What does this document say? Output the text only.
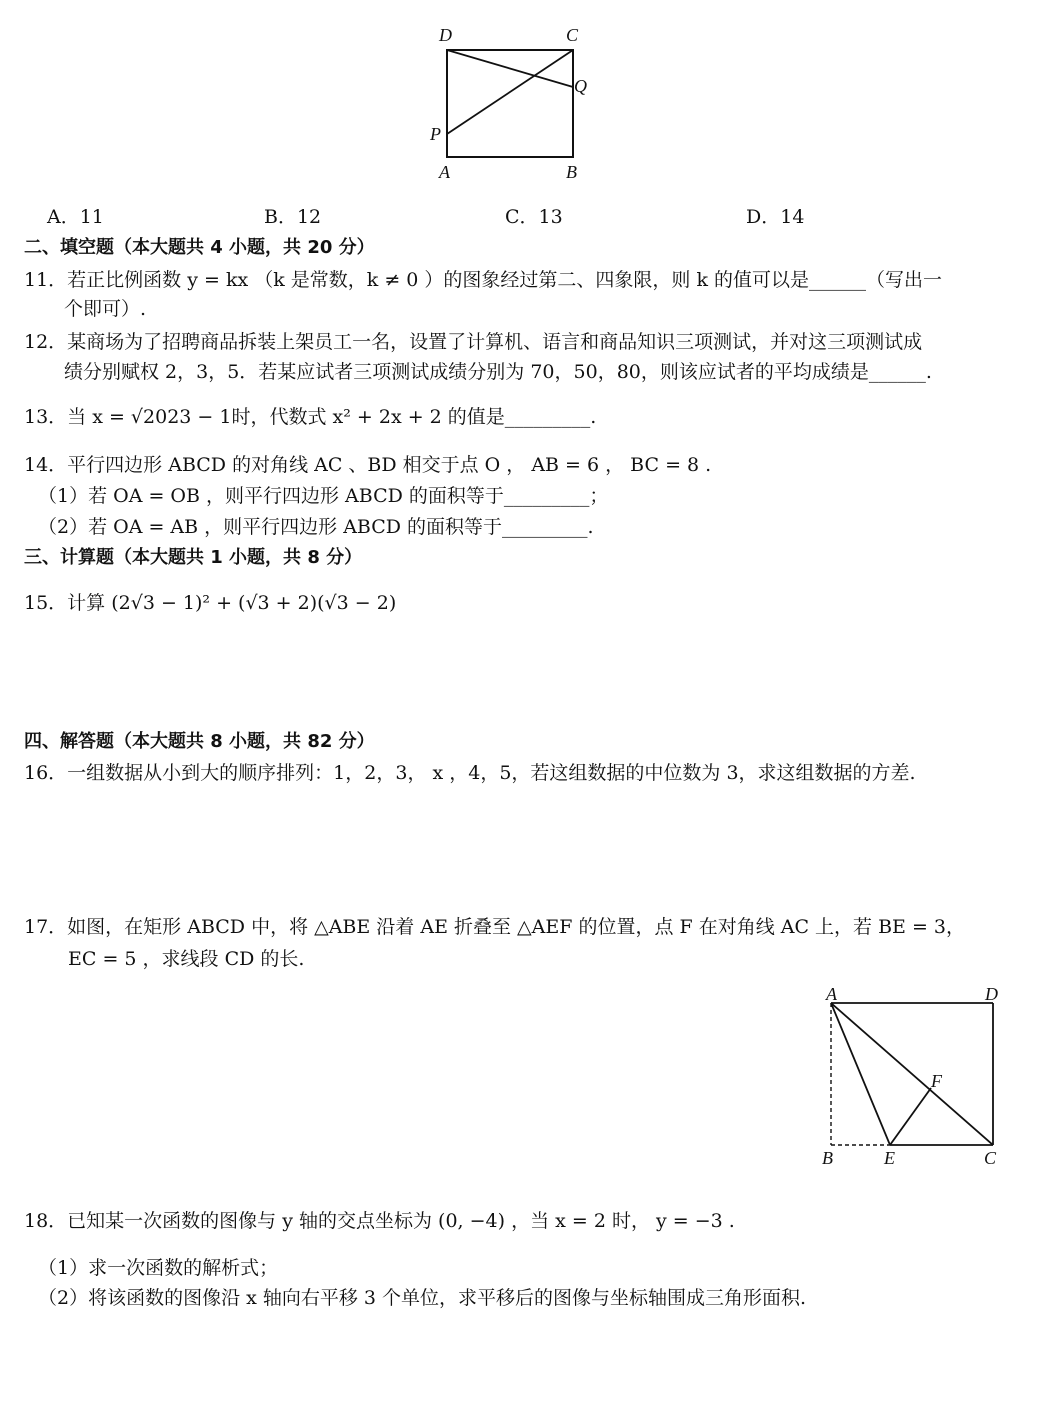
D	C
Q
P
A	B
A．11	B．12	C．13	D．14
二、填空题（本大题共 4 小题，共 20 分）
11．若正比例函数 y = kx （k 是常数，k ≠ 0 ）的图象经过第二、四象限，则 k 的值可以是______（写出一
个即可）.
12．某商场为了招聘商品拆装上架员工一名，设置了计算机、语言和商品知识三项测试，并对这三项测试成
绩分别赋权 2，3，5．若某应试者三项测试成绩分别为 70，50，80，则该应试者的平均成绩是______.
13．当 x = √2023 − 1时，代数式 x² + 2x + 2 的值是_________.
14．平行四边形 ABCD 的对角线 AC 、BD 相交于点 O ， AB = 6 ， BC = 8 .
（1）若 OA = OB ，则平行四边形 ABCD 的面积等于_________；
（2）若 OA = AB ，则平行四边形 ABCD 的面积等于_________.
三、计算题（本大题共 1 小题，共 8 分）
15．计算 (2√3 − 1)² + (√3 + 2)(√3 − 2)
四、解答题（本大题共 8 小题，共 82 分）
16．一组数据从小到大的顺序排列：1，2，3， x ，4，5，若这组数据的中位数为 3，求这组数据的方差.
17．如图，在矩形 ABCD 中，将 △ABE 沿着 AE 折叠至 △AEF 的位置，点 F 在对角线 AC 上，若 BE = 3，
EC = 5 ，求线段 CD 的长.
A	D
F
B	E	C
18．已知某一次函数的图像与 y 轴的交点坐标为 (0, −4) ，当 x = 2 时， y = −3 .
（1）求一次函数的解析式；
（2）将该函数的图像沿 x 轴向右平移 3 个单位，求平移后的图像与坐标轴围成三角形面积.
